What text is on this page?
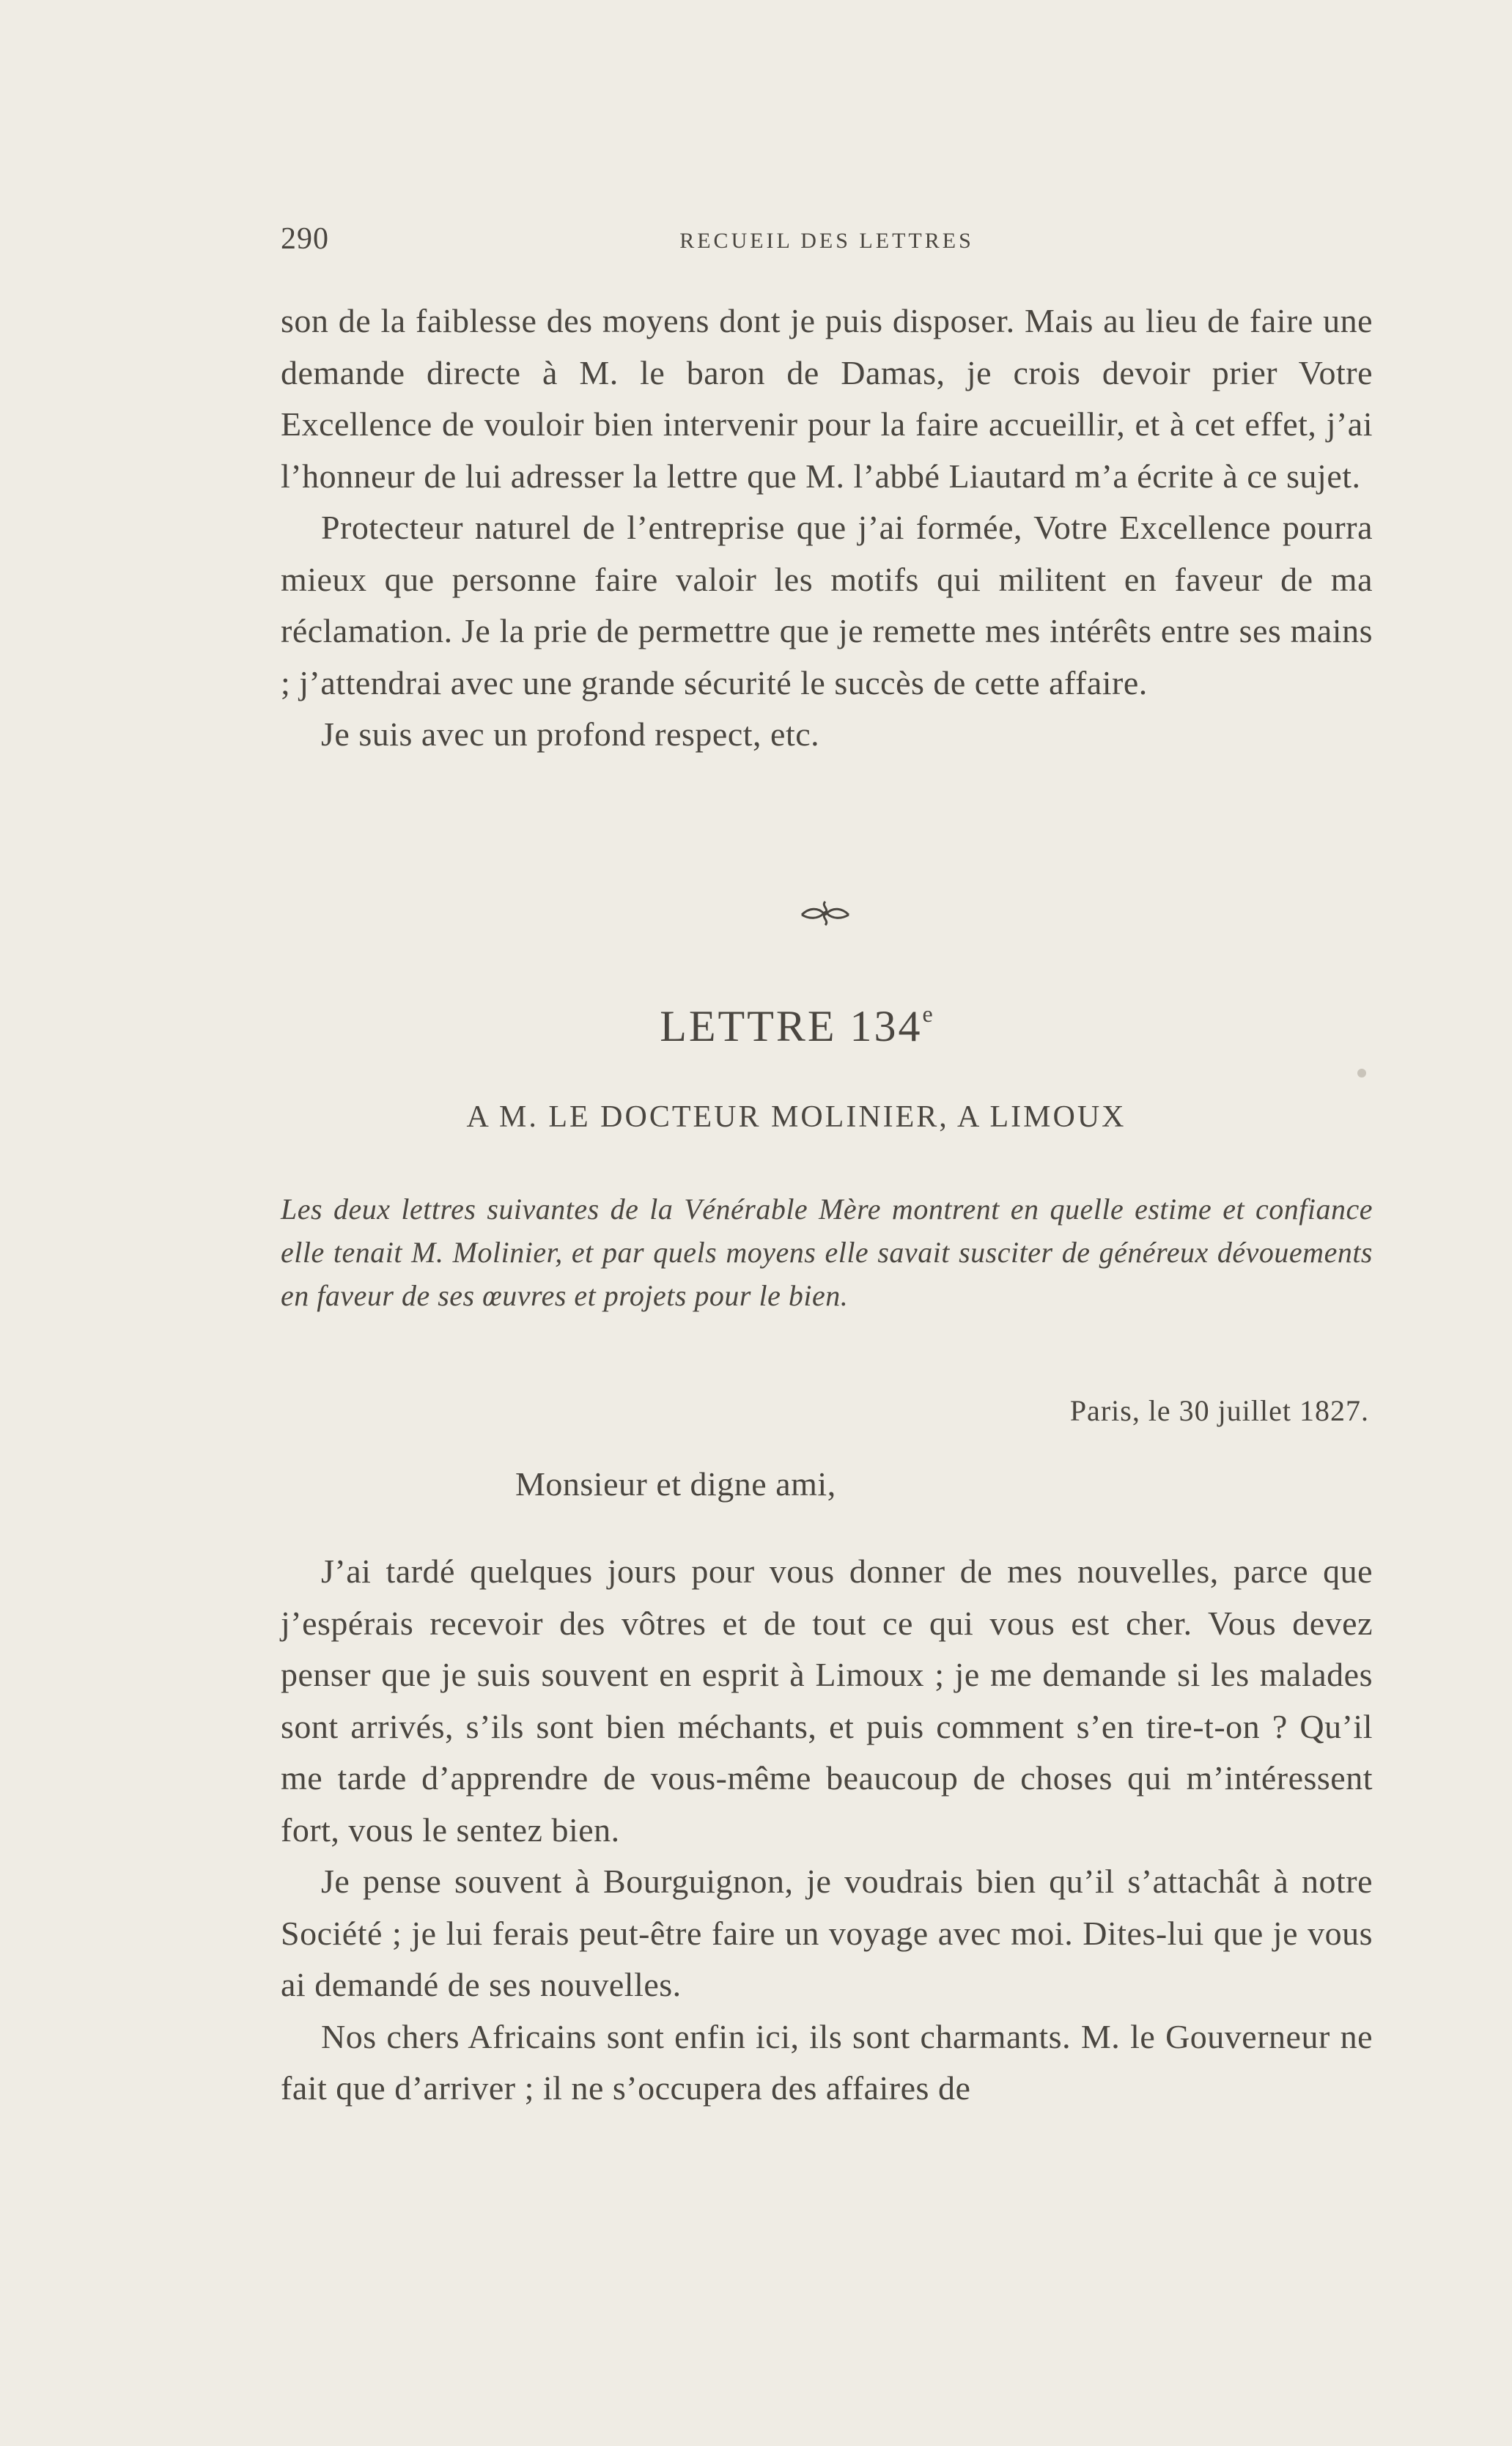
290	RECUEIL DES LETTRES

son de la faiblesse des moyens dont je puis disposer. Mais au lieu de faire une demande directe à M. le baron de Damas, je crois devoir prier Votre Excellence de vouloir bien intervenir pour la faire accueillir, et à cet effet, j’ai l’honneur de lui adresser la lettre que M. l’abbé Liautard m’a écrite à ce sujet.

Protecteur naturel de l’entreprise que j’ai formée, Votre Excellence pourra mieux que personne faire valoir les motifs qui militent en faveur de ma réclamation. Je la prie de permettre que je remette mes intérêts entre ses mains ; j’attendrai avec une grande sécurité le succès de cette affaire.

Je suis avec un profond respect, etc.

LETTRE 134e
A M. LE DOCTEUR MOLINIER, A LIMOUX
Les deux lettres suivantes de la Vénérable Mère montrent en quelle estime et confiance elle tenait M. Molinier, et par quels moyens elle savait susciter de généreux dévouements en faveur de ses œuvres et projets pour le bien.
Paris, le 30 juillet 1827.
Monsieur et digne ami,

J’ai tardé quelques jours pour vous donner de mes nouvelles, parce que j’espérais recevoir des vôtres et de tout ce qui vous est cher. Vous devez penser que je suis souvent en esprit à Limoux ; je me demande si les malades sont arrivés, s’ils sont bien méchants, et puis comment s’en tire-t-on ? Qu’il me tarde d’apprendre de vous-même beaucoup de choses qui m’intéressent fort, vous le sentez bien.

Je pense souvent à Bourguignon, je voudrais bien qu’il s’attachât à notre Société ; je lui ferais peut-être faire un voyage avec moi. Dites-lui que je vous ai demandé de ses nouvelles.

Nos chers Africains sont enfin ici, ils sont charmants. M. le Gouverneur ne fait que d’arriver ; il ne s’occupera des affaires de
